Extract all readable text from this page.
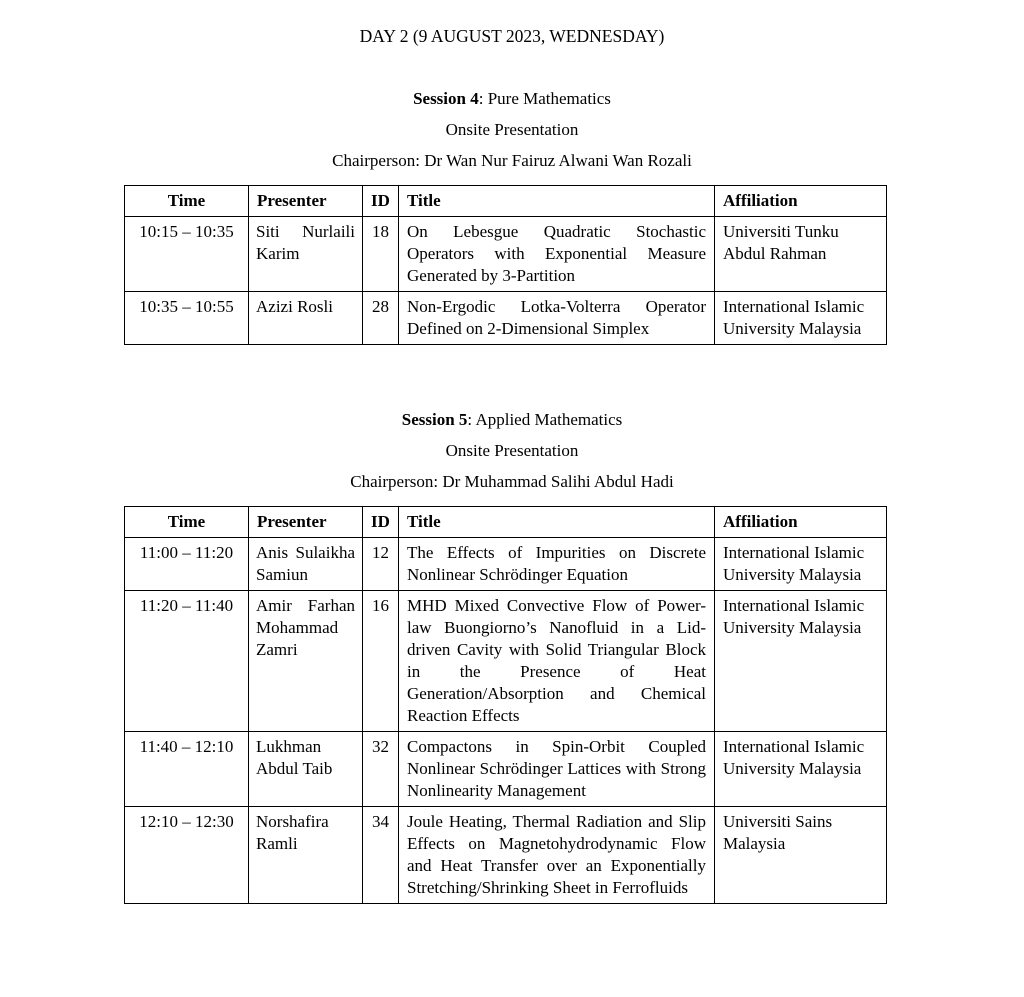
DAY 2 (9 AUGUST 2023, WEDNESDAY)

Session 4: Pure Mathematics

Onsite Presentation

Chairperson: Dr Wan Nur Fairuz Alwani Wan Rozali

Time	Presenter	ID	Title	Affiliation
10:15 – 10:35	Siti Nurlaili Karim	18	On Lebesgue Quadratic Stochastic Operators with Exponential Measure Generated by 3-Partition	Universiti Tunku Abdul Rahman
10:35 – 10:55	Azizi Rosli	28	Non-Ergodic Lotka-Volterra Operator Defined on 2-Dimensional Simplex	International Islamic University Malaysia

Session 5: Applied Mathematics

Onsite Presentation

Chairperson: Dr Muhammad Salihi Abdul Hadi

Time	Presenter	ID	Title	Affiliation
11:00 – 11:20	Anis Sulaikha Samiun	12	The Effects of Impurities on Discrete Nonlinear Schrödinger Equation	International Islamic University Malaysia
11:20 – 11:40	Amir Farhan Mohammad Zamri	16	MHD Mixed Convective Flow of Power-law Buongiorno’s Nanofluid in a Lid-driven Cavity with Solid Triangular Block in the Presence of Heat Generation/Absorption and Chemical Reaction Effects	International Islamic University Malaysia
11:40 – 12:10	Lukhman Abdul Taib	32	Compactons in Spin-Orbit Coupled Nonlinear Schrödinger Lattices with Strong Nonlinearity Management	International Islamic University Malaysia
12:10 – 12:30	Norshafira Ramli	34	Joule Heating, Thermal Radiation and Slip Effects on Magnetohydrodynamic Flow and Heat Transfer over an Exponentially Stretching/Shrinking Sheet in Ferrofluids	Universiti Sains Malaysia
